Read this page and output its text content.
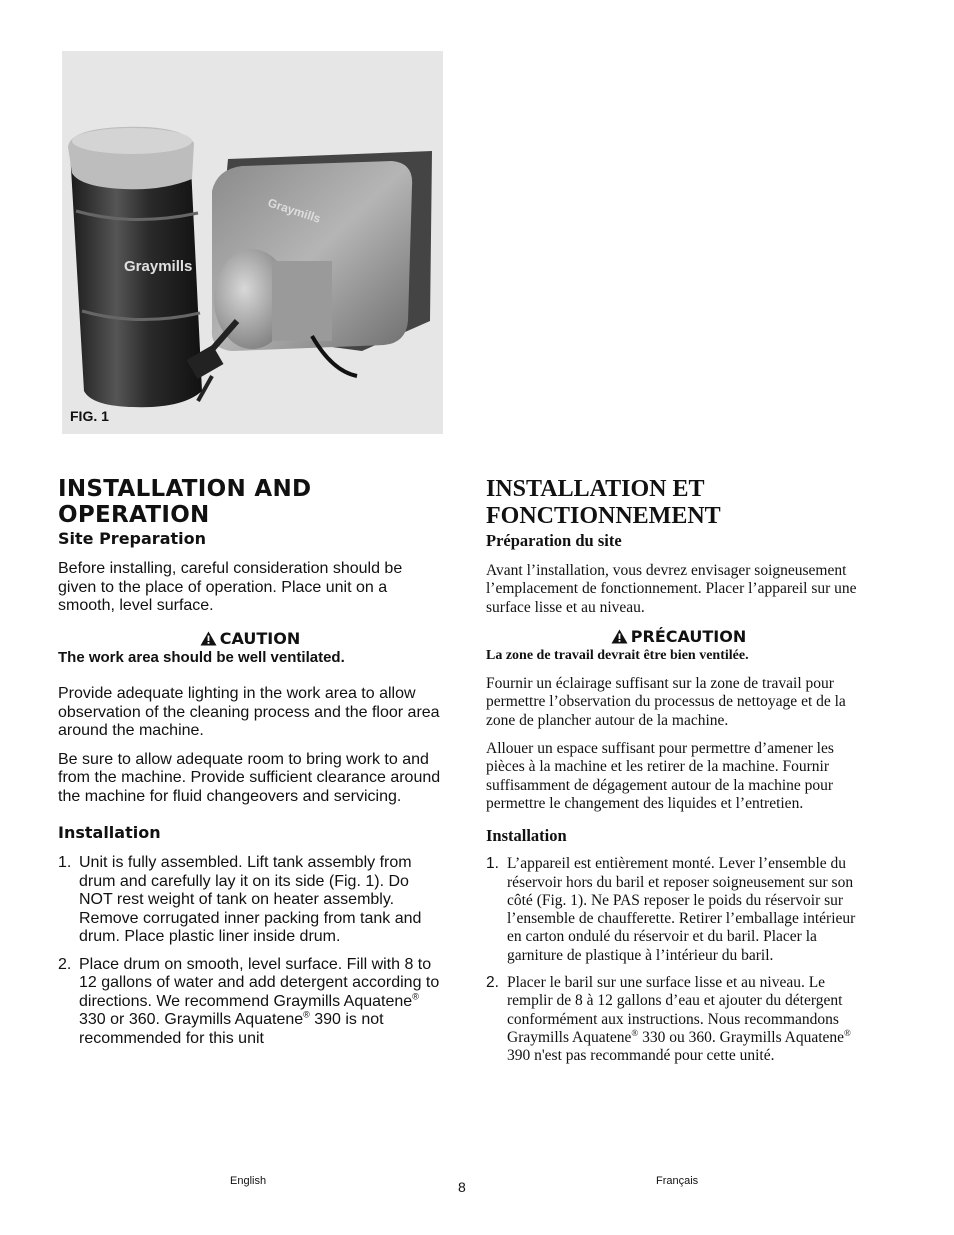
Graymills
Graymills
FIG. 1
INSTALLATION AND OPERATION
Site Preparation

Before installing, careful consideration should be given to the place of operation. Place unit on a smooth, level surface.

CAUTION

The work area should be well ventilated.

Provide adequate lighting in the work area to allow observation of the cleaning process and the floor area around the machine.

Be sure to allow adequate room to bring work to and from the machine. Provide sufficient clearance around the machine for fluid changeovers and servicing.

Installation
1. Unit is fully assembled. Lift tank assembly from drum and carefully lay it on its side (Fig. 1). Do NOT rest weight of tank on heater assembly. Remove corrugated inner packing from tank and drum. Place plastic liner inside drum.
2. Place drum on smooth, level surface. Fill with 8 to 12 gallons of water and add detergent according to directions. We recommend Graymills Aquatene® 330 or 360. Graymills Aquatene® 390 is not recommended for this unit
INSTALLATION ET FONCTIONNEMENT
Préparation du site

Avant l’installation, vous devrez envisager soigneusement l’emplacement de fonctionnement. Placer l’appareil sur une surface lisse et au niveau.

PRÉCAUTION

La zone de travail devrait être bien ventilée.

Fournir un éclairage suffisant sur la zone de travail pour permettre l’observation du processus de nettoyage et de la zone de plancher autour de la machine.

Allouer un espace suffisant pour permettre d’amener les pièces à la machine et les retirer de la machine. Fournir suffisamment de dégagement autour de la machine pour permettre le changement des liquides et l’entretien.

Installation
1. L’appareil est entièrement monté. Lever l’ensemble du réservoir hors du baril et reposer soigneusement sur son côté (Fig. 1). Ne PAS reposer le poids du réservoir sur l’ensemble de chaufferette. Retirer l’emballage intérieur en carton ondulé du réservoir et du baril. Placer la garniture de plastique à l’intérieur du baril.
2. Placer le baril sur une surface lisse et au niveau. Le remplir de 8 à 12 gallons d’eau et ajouter du détergent conformément aux instructions. Nous recommandons Graymills Aquatene® 330 ou 360. Graymills Aquatene® 390 n'est pas recommandé pour cette unité.
English	8	Français
